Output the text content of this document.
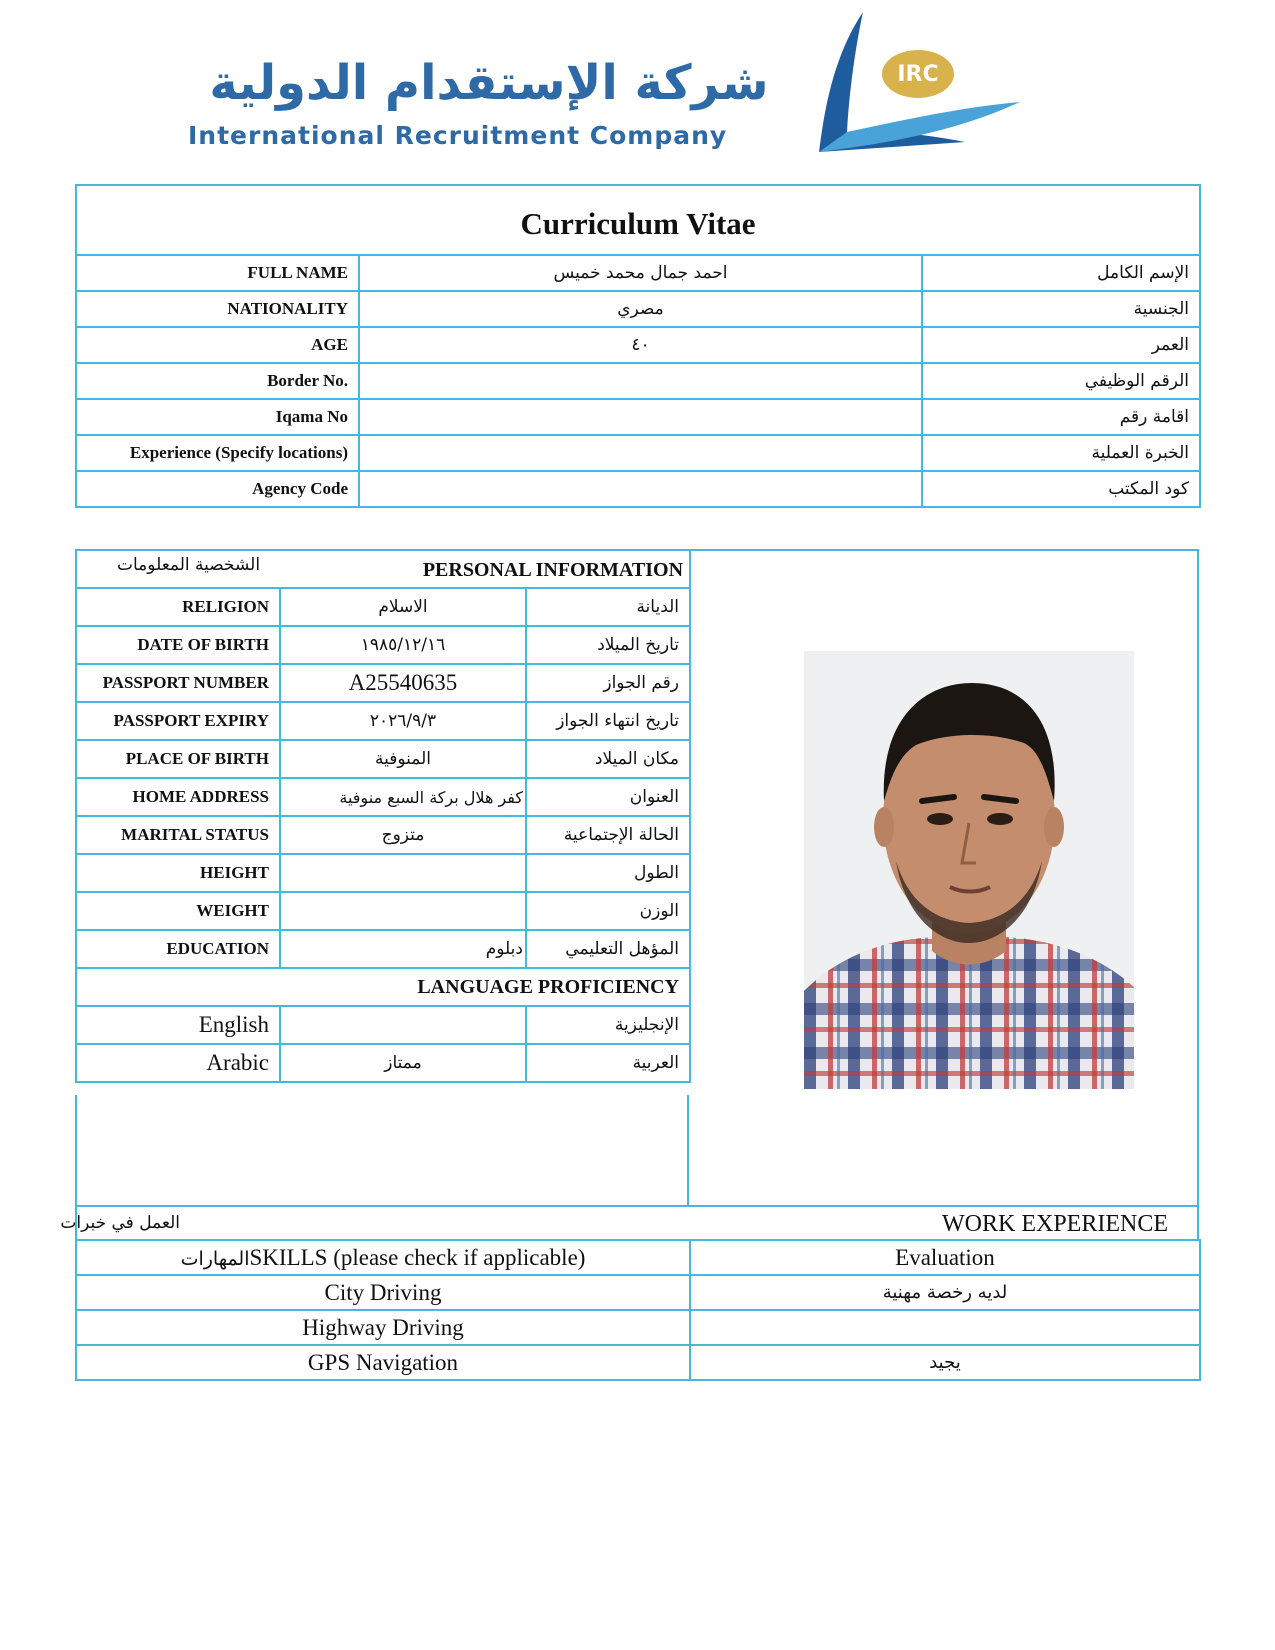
شركة الإستقدام الدولية
International Recruitment Company
IRC
Curriculum Vitae		
FULL NAME	احمد جمال محمد خميس	الإسم الكامل
NATIONALITY	مصري	الجنسية
AGE	٤٠	العمر
Border No.		الرقم الوظيفي
Iqama No		اقامة رقم
Experience (Specify locations)		الخبرة العملية
Agency Code		كود المكتب
الشخصية المعلومات PERSONAL INFORMATION		

RELIGION	الاسلام	الديانة
DATE OF BIRTH	١٩٨٥/١٢/١٦	تاريخ الميلاد
PASSPORT NUMBER	A25540635	رقم الجواز
PASSPORT EXPIRY	٢٠٢٦/٩/٣	تاريخ انتهاء الجواز
PLACE OF BIRTH	المنوفية	مكان الميلاد
HOME ADDRESS	كفر هلال بركة السبع منوفية	العنوان
MARITAL STATUS	متزوج	الحالة الإجتماعية
HEIGHT		الطول
WEIGHT		الوزن
EDUCATION	دبلوم	المؤهل التعليمي
LANGUAGE PROFICIENCY		
English		الإنجليزية
Arabic	ممتاز	العربية
العمل في خبرات	WORK EXPERIENCE
المهاراتSKILLS (please check if applicable)	Evaluation
City Driving	لديه رخصة مهنية
Highway Driving	
GPS Navigation	يجيد
